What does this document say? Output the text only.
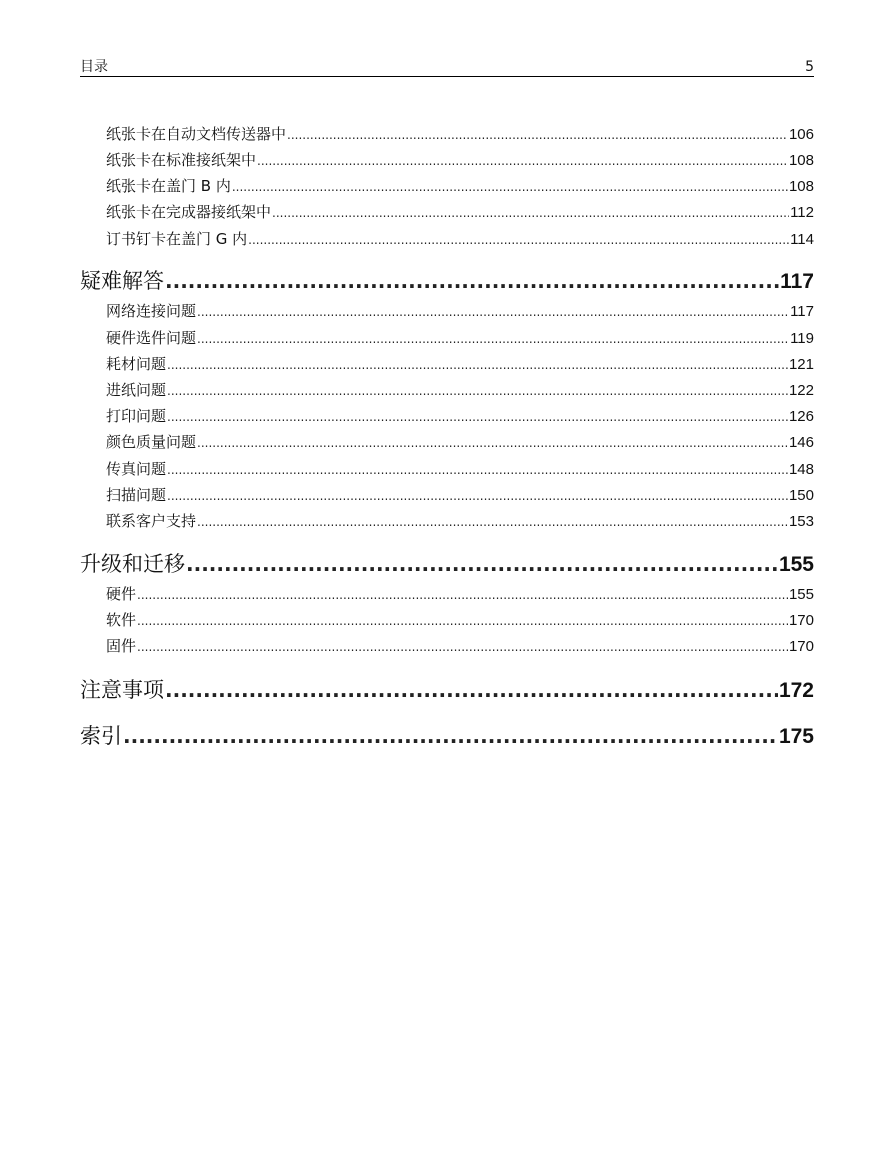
目录	5
纸张卡在自动文档传送器中 .....	106
纸张卡在标准接纸架中 .....	108
纸张卡在盖门 B 内 .....	108
纸张卡在完成器接纸架中 .....	112
订书钉卡在盖门 G 内 .....	114
疑难解答 .....	117
网络连接问题 .....	117
硬件选件问题 .....	119
耗材问题 .....	121
进纸问题 .....	122
打印问题 .....	126
颜色质量问题 .....	146
传真问题 .....	148
扫描问题 .....	150
联系客户支持 .....	153
升级和迁移 .....	155
硬件 .....	155
软件 .....	170
固件 .....	170
注意事项 .....	172
索引 .....	175
